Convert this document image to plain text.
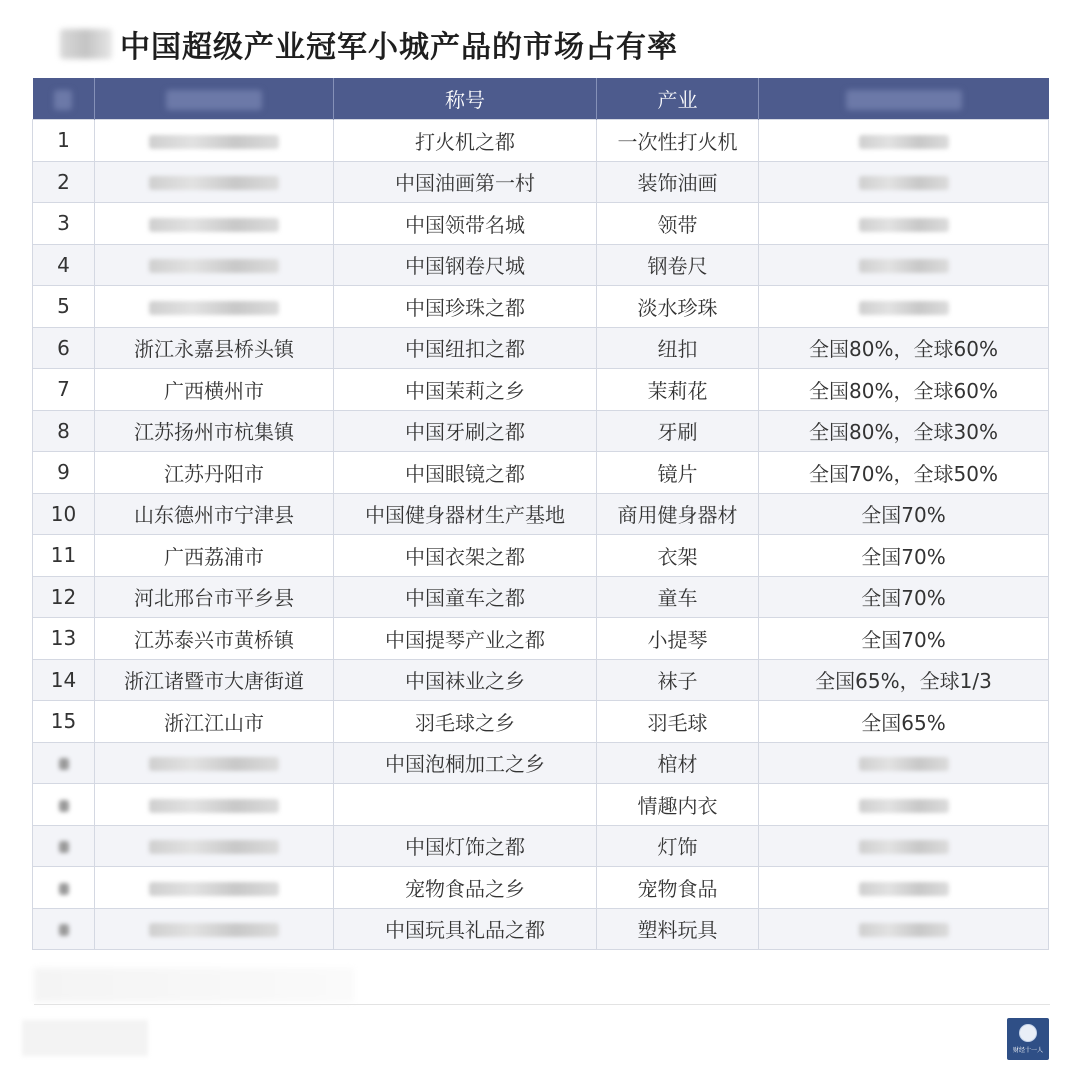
中国超级产业冠军小城产品的市场占有率
		称号	产业	
1		打火机之都	一次性打火机	
2		中国油画第一村	装饰油画	
3		中国领带名城	领带	
4		中国钢卷尺城	钢卷尺	
5		中国珍珠之都	淡水珍珠	
6	浙江永嘉县桥头镇	中国纽扣之都	纽扣	全国80%，全球60%
7	广西横州市	中国茉莉之乡	茉莉花	全国80%，全球60%
8	江苏扬州市杭集镇	中国牙刷之都	牙刷	全国80%，全球30%
9	江苏丹阳市	中国眼镜之都	镜片	全国70%，全球50%
10	山东德州市宁津县	中国健身器材生产基地	商用健身器材	全国70%
11	广西荔浦市	中国衣架之都	衣架	全国70%
12	河北邢台市平乡县	中国童车之都	童车	全国70%
13	江苏泰兴市黄桥镇	中国提琴产业之都	小提琴	全国70%
14	浙江诸暨市大唐街道	中国袜业之乡	袜子	全国65%，全球1/3
15	浙江江山市	羽毛球之乡	羽毛球	全国65%
		中国泡桐加工之乡	棺材	
			情趣内衣	
		中国灯饰之都	灯饰	
		宠物食品之乡	宠物食品	
		中国玩具礼品之都	塑料玩具	
财经十一人
